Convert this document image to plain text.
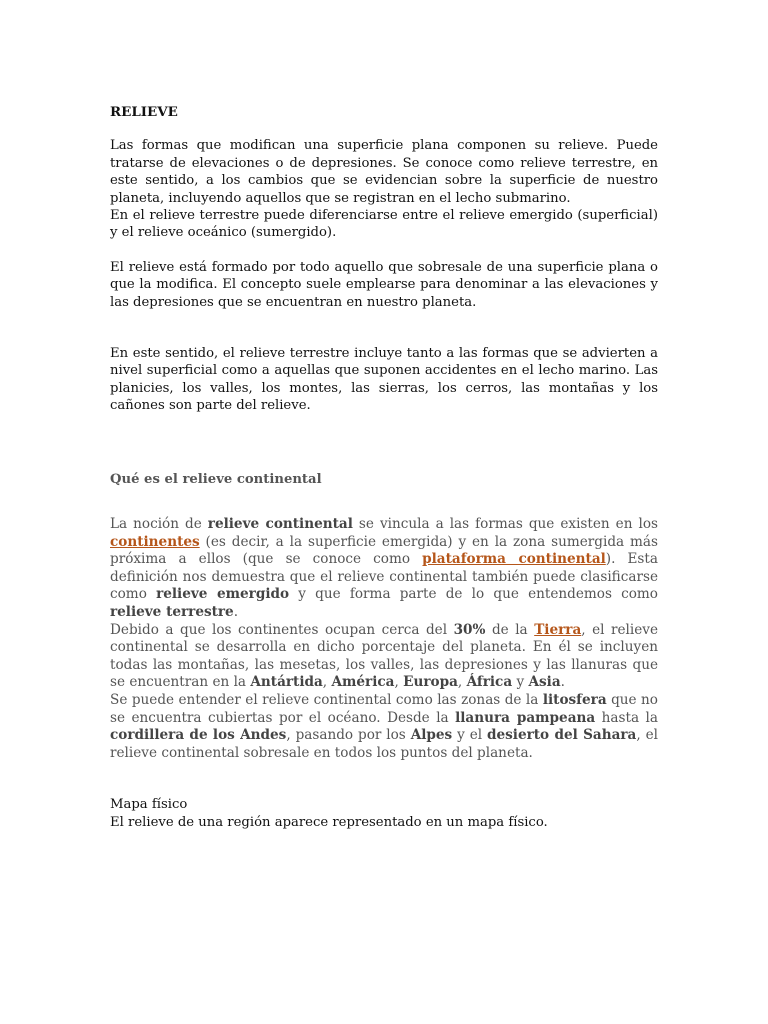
RELIEVE

Las formas que modifican una superficie plana componen su relieve. Puede tratarse de elevaciones o de depresiones. Se conoce como relieve terrestre, en este sentido, a los cambios que se evidencian sobre la superficie de nuestro planeta, incluyendo aquellos que se registran en el lecho submarino.

En el relieve terrestre puede diferenciarse entre el relieve emergido (superficial) y el relieve oceánico (sumergido).

El relieve está formado por todo aquello que sobresale de una superficie plana o que la modifica. El concepto suele emplearse para denominar a las elevaciones y las depresiones que se encuentran en nuestro planeta.

En este sentido, el relieve terrestre incluye tanto a las formas que se advierten a nivel superficial como a aquellas que suponen accidentes en el lecho marino. Las planicies, los valles, los montes, las sierras, los cerros, las montañas y los cañones son parte del relieve.

Qué es el relieve continental

La noción de relieve continental se vincula a las formas que existen en los continentes (es decir, a la superficie emergida) y en la zona sumergida más próxima a ellos (que se conoce como plataforma continental). Esta definición nos demuestra que el relieve continental también puede clasificarse como relieve emergido y que forma parte de lo que entendemos como relieve terrestre.

Debido a que los continentes ocupan cerca del 30% de la Tierra, el relieve continental se desarrolla en dicho porcentaje del planeta. En él se incluyen todas las montañas, las mesetas, los valles, las depresiones y las llanuras que se encuentran en la Antártida, América, Europa, África y Asia.

Se puede entender el relieve continental como las zonas de la litosfera que no se encuentra cubiertas por el océano. Desde la llanura pampeana hasta la cordillera de los Andes, pasando por los Alpes y el desierto del Sahara, el relieve continental sobresale en todos los puntos del planeta.

Mapa físico

El relieve de una región aparece representado en un mapa físico.
